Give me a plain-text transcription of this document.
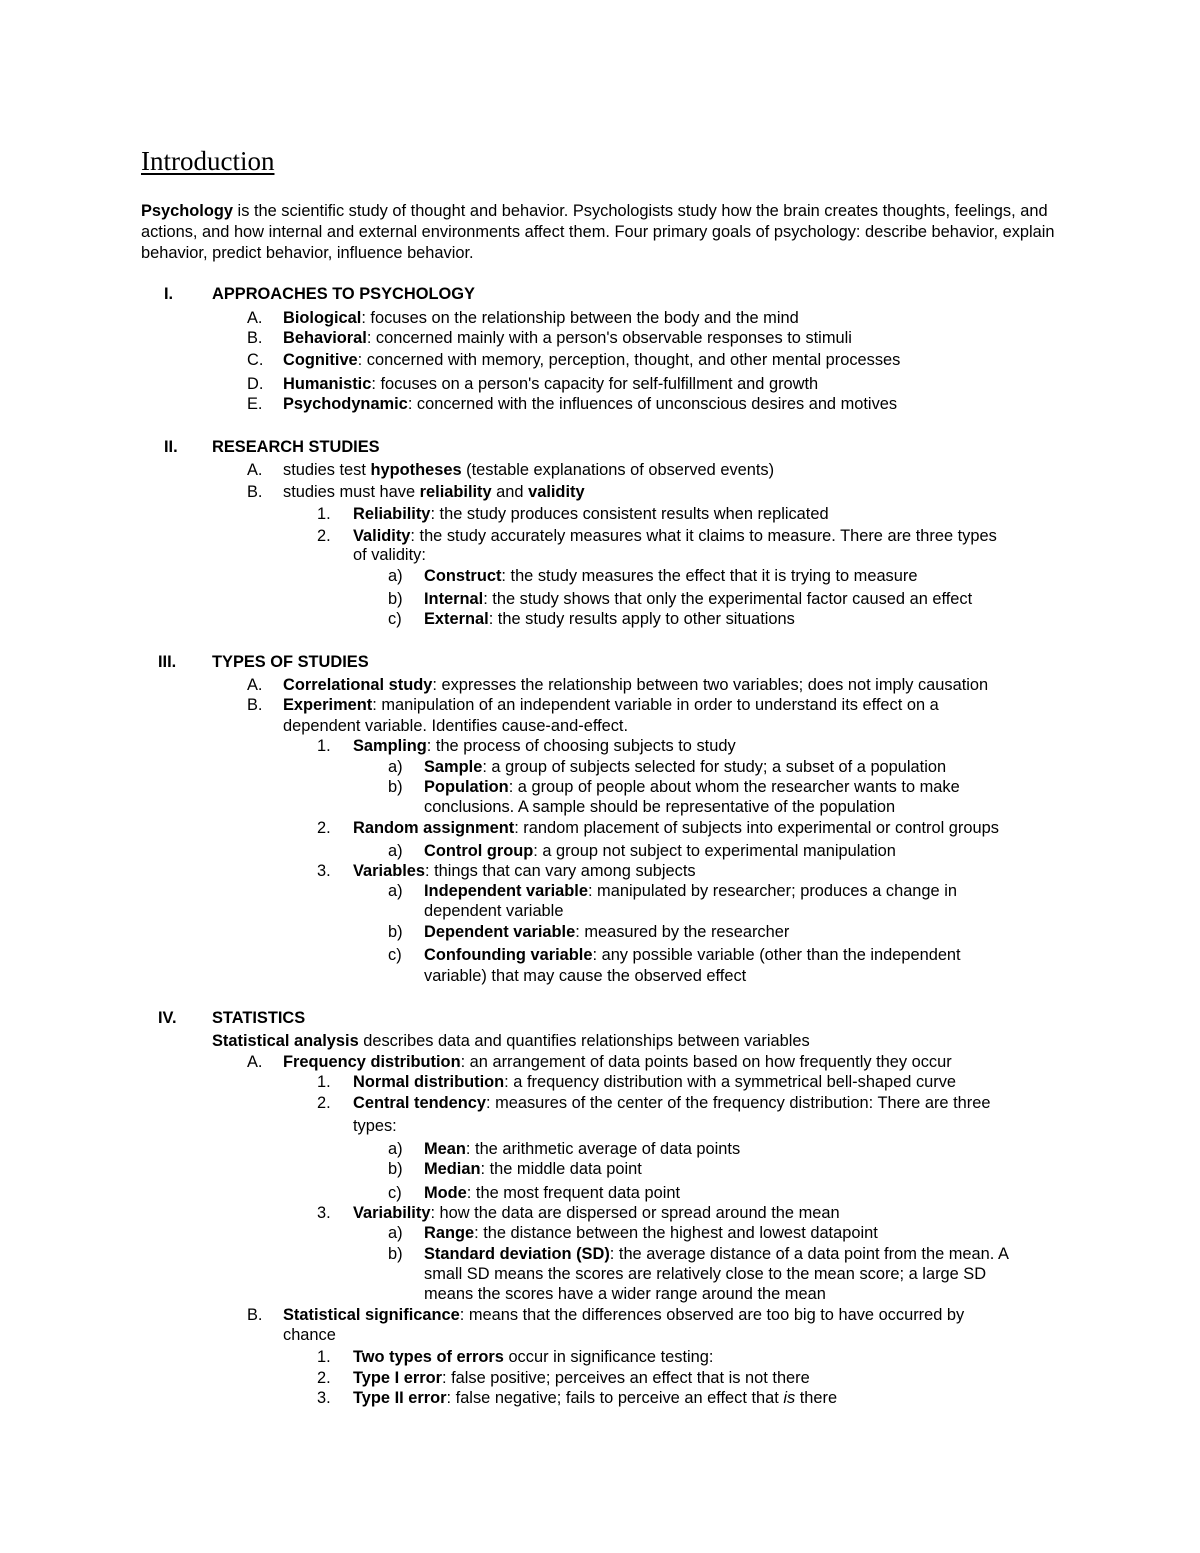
Introduction

Psychology is the scientific study of thought and behavior. Psychologists study how the brain creates thoughts, feelings, and actions, and how internal and external environments affect them. Four primary goals of psychology: describe behavior, explain behavior, predict behavior, influence behavior.

I. APPROACHES TO PSYCHOLOGY
A. Biological: focuses on the relationship between the body and the mind
B. Behavioral: concerned mainly with a person's observable responses to stimuli
C. Cognitive: concerned with memory, perception, thought, and other mental processes
D. Humanistic: focuses on a person's capacity for self-fulfillment and growth
E. Psychodynamic: concerned with the influences of unconscious desires and motives
II. RESEARCH STUDIES
A. studies test hypotheses (testable explanations of observed events)
B. studies must have reliability and validity
1. Reliability: the study produces consistent results when replicated
2. Validity: the study accurately measures what it claims to measure. There are three types
of validity:
a) Construct: the study measures the effect that it is trying to measure
b) Internal: the study shows that only the experimental factor caused an effect
c) External: the study results apply to other situations
III. TYPES OF STUDIES
A. Correlational study: expresses the relationship between two variables; does not imply causation
B. Experiment: manipulation of an independent variable in order to understand its effect on a
dependent variable. Identifies cause-and-effect.
1. Sampling: the process of choosing subjects to study
a) Sample: a group of subjects selected for study; a subset of a population
b) Population: a group of people about whom the researcher wants to make
conclusions. A sample should be representative of the population
2. Random assignment: random placement of subjects into experimental or control groups
a) Control group: a group not subject to experimental manipulation
3. Variables: things that can vary among subjects
a) Independent variable: manipulated by researcher; produces a change in
dependent variable
b) Dependent variable: measured by the researcher
c) Confounding variable: any possible variable (other than the independent
variable) that may cause the observed effect
IV. STATISTICS
Statistical analysis describes data and quantifies relationships between variables
A. Frequency distribution: an arrangement of data points based on how frequently they occur
1. Normal distribution: a frequency distribution with a symmetrical bell-shaped curve
2. Central tendency: measures of the center of the frequency distribution: There are three
types:
a) Mean: the arithmetic average of data points
b) Median: the middle data point
c) Mode: the most frequent data point
3. Variability: how the data are dispersed or spread around the mean
a) Range: the distance between the highest and lowest datapoint
b) Standard deviation (SD): the average distance of a data point from the mean. A
small SD means the scores are relatively close to the mean score; a large SD
means the scores have a wider range around the mean
B. Statistical significance: means that the differences observed are too big to have occurred by
chance
1. Two types of errors occur in significance testing:
2. Type I error: false positive; perceives an effect that is not there
3. Type II error: false negative; fails to perceive an effect that is there
